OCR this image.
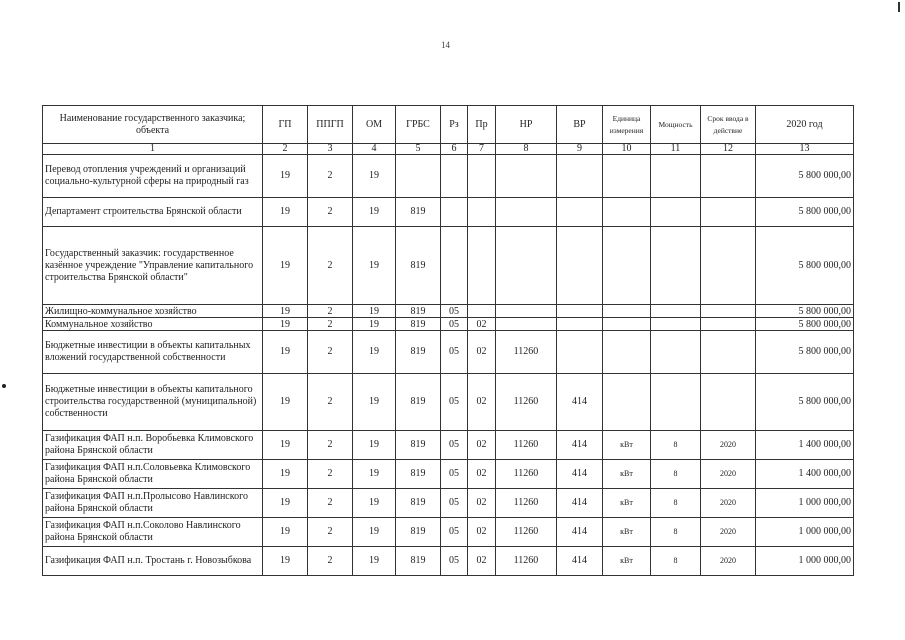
14
Наименование государственного заказчика; объекта	ГП	ППГП	ОМ	ГРБС	Рз	Пр	НР	ВР	Единица измерения	Мощность	Срок ввода в действие	2020 год
1	2	3	4	5	6	7	8	9	10	11	12	13
Перевод отопления учреждений и организаций социально-культурной сферы на природный газ	19	2	19									5 800 000,00
Департамент строительства Брянской области	19	2	19	819								5 800 000,00
Государственный заказчик: государственное казённое учреждение "Управление капитального строительства Брянской области"	19	2	19	819								5 800 000,00
Жилищно-коммунальное хозяйство	19	2	19	819	05							5 800 000,00
Коммунальное хозяйство	19	2	19	819	05	02						5 800 000,00
Бюджетные инвестиции в объекты капитальных вложений государственной собственности	19	2	19	819	05	02	11260					5 800 000,00
Бюджетные инвестиции в объекты капитального строительства государственной (муниципальной) собственности	19	2	19	819	05	02	11260	414				5 800 000,00
Газификация ФАП н.п. Воробьевка Климовского района Брянской области	19	2	19	819	05	02	11260	414	кВт	8	2020	1 400 000,00
Газификация ФАП н.п.Соловьевка Климовского района Брянской области	19	2	19	819	05	02	11260	414	кВт	8	2020	1 400 000,00
Газификация ФАП н.п.Пролысово Навлинского района Брянской области	19	2	19	819	05	02	11260	414	кВт	8	2020	1 000 000,00
Газификация ФАП н.п.Соколово Навлинского района Брянской области	19	2	19	819	05	02	11260	414	кВт	8	2020	1 000 000,00
Газификация ФАП н.п. Тростань г. Новозыбкова	19	2	19	819	05	02	11260	414	кВт	8	2020	1 000 000,00
